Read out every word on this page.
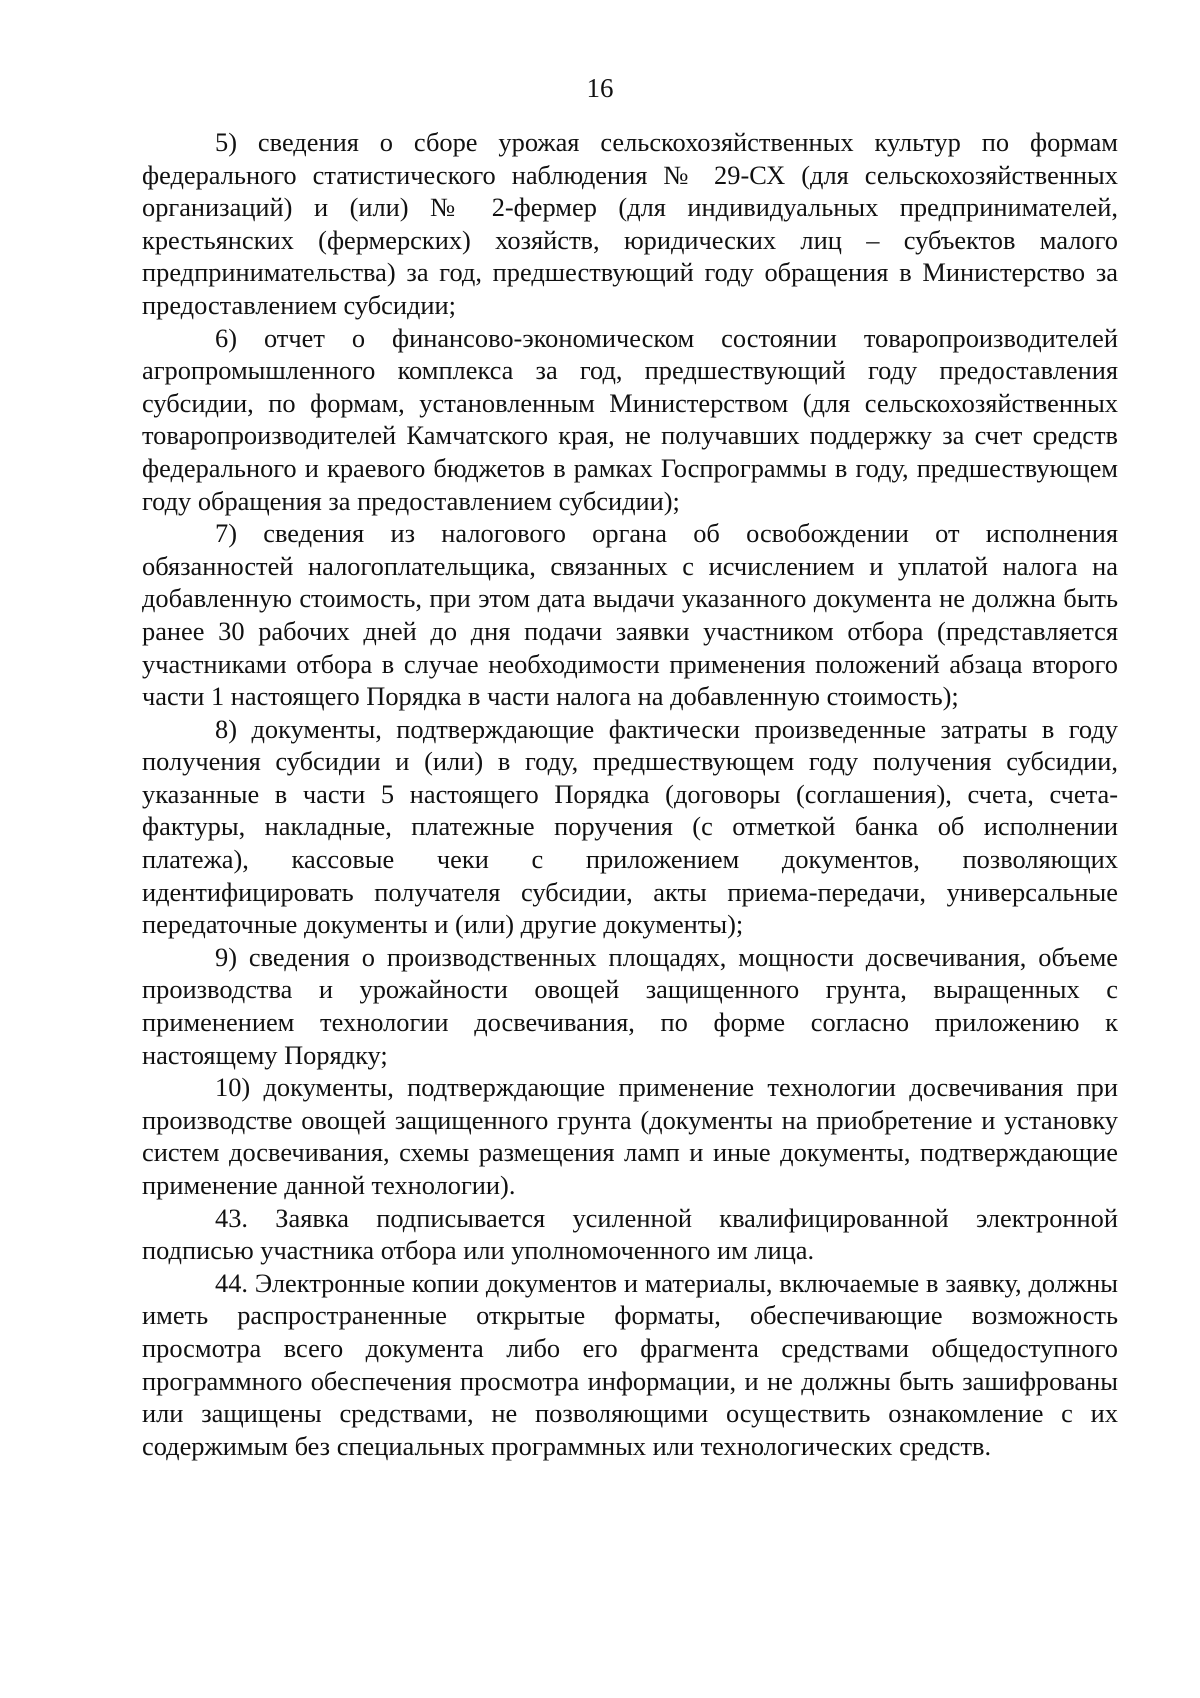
16

5) сведения о сборе урожая сельскохозяйственных культур по формам федерального статистического наблюдения № 29-СХ (для сельскохозяйственных организаций) и (или) № 2-фермер (для индивидуальных предпринимателей, крестьянских (фермерских) хозяйств, юридических лиц – субъектов малого предпринимательства) за год, предшествующий году обращения в Министерство за предоставлением субсидии;

6) отчет о финансово-экономическом состоянии товаропроизводителей агропромышленного комплекса за год, предшествующий году предоставления субсидии, по формам, установленным Министерством (для сельскохозяйственных товаропроизводителей Камчатского края, не получавших поддержку за счет средств федерального и краевого бюджетов в рамках Госпрограммы в году, предшествующем году обращения за предоставлением субсидии);

7) сведения из налогового органа об освобождении от исполнения обязанностей налогоплательщика, связанных с исчислением и уплатой налога на добавленную стоимость, при этом дата выдачи указанного документа не должна быть ранее 30 рабочих дней до дня подачи заявки участником отбора (представляется участниками отбора в случае необходимости применения положений абзаца второго части 1 настоящего Порядка в части налога на добавленную стоимость);

8) документы, подтверждающие фактически произведенные затраты в году получения субсидии и (или) в году, предшествующем году получения субсидии, указанные в части 5 настоящего Порядка (договоры (соглашения), счета, счета-фактуры, накладные, платежные поручения (с отметкой банка об исполнении платежа), кассовые чеки с приложением документов, позволяющих идентифицировать получателя субсидии, акты приема-передачи, универсальные передаточные документы и (или) другие документы);

9) сведения о производственных площадях, мощности досвечивания, объеме производства и урожайности овощей защищенного грунта, выращенных с применением технологии досвечивания, по форме согласно приложению к настоящему Порядку;

10) документы, подтверждающие применение технологии досвечивания при производстве овощей защищенного грунта (документы на приобретение и установку систем досвечивания, схемы размещения ламп и иные документы, подтверждающие применение данной технологии).

43. Заявка подписывается усиленной квалифицированной электронной подписью участника отбора или уполномоченного им лица.

44. Электронные копии документов и материалы, включаемые в заявку, должны иметь распространенные открытые форматы, обеспечивающие возможность просмотра всего документа либо его фрагмента средствами общедоступного программного обеспечения просмотра информации, и не должны быть зашифрованы или защищены средствами, не позволяющими осуществить ознакомление с их содержимым без специальных программных или технологических средств.
